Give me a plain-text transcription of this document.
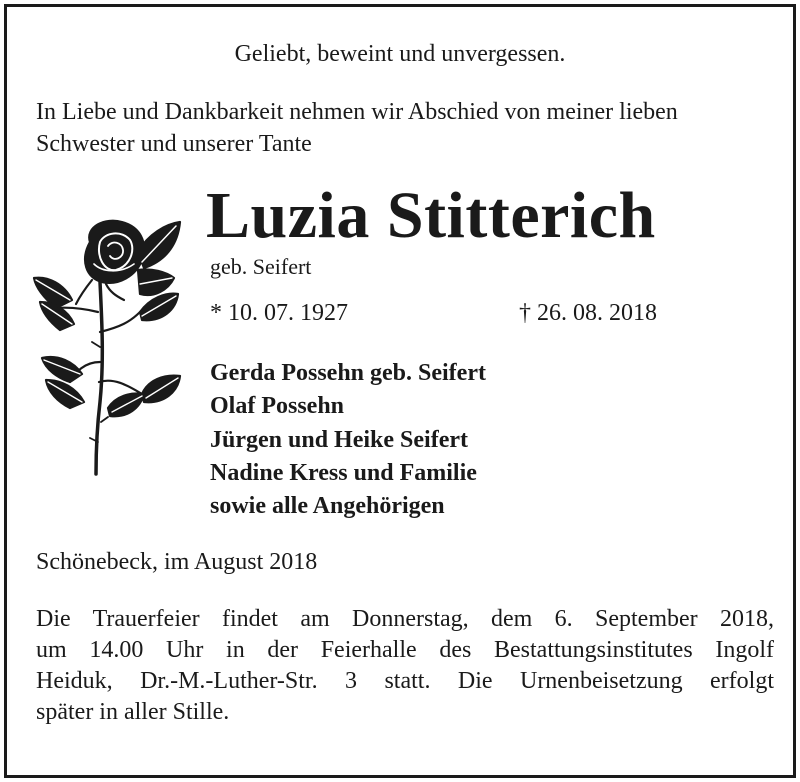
Geliebt, beweint und unvergessen.

In Liebe und Dankbarkeit nehmen wir Abschied von meiner lieben

Schwester und unserer Tante

Luzia Stitterich

geb. Seifert

* 10. 07. 1927	† 26. 08. 2018

Gerda Possehn geb. Seifert

Olaf Possehn

Jürgen und Heike Seifert

Nadine Kress und Familie

sowie alle Angehörigen

Schönebeck, im August 2018

Die Trauerfeier findet am Donnerstag, dem 6. September 2018,
um 14.00 Uhr in der Feierhalle des Bestattungsinstitutes Ingolf
Heiduk, Dr.-M.-Luther-Str. 3 statt. Die Urnenbeisetzung erfolgt
später in aller Stille.
